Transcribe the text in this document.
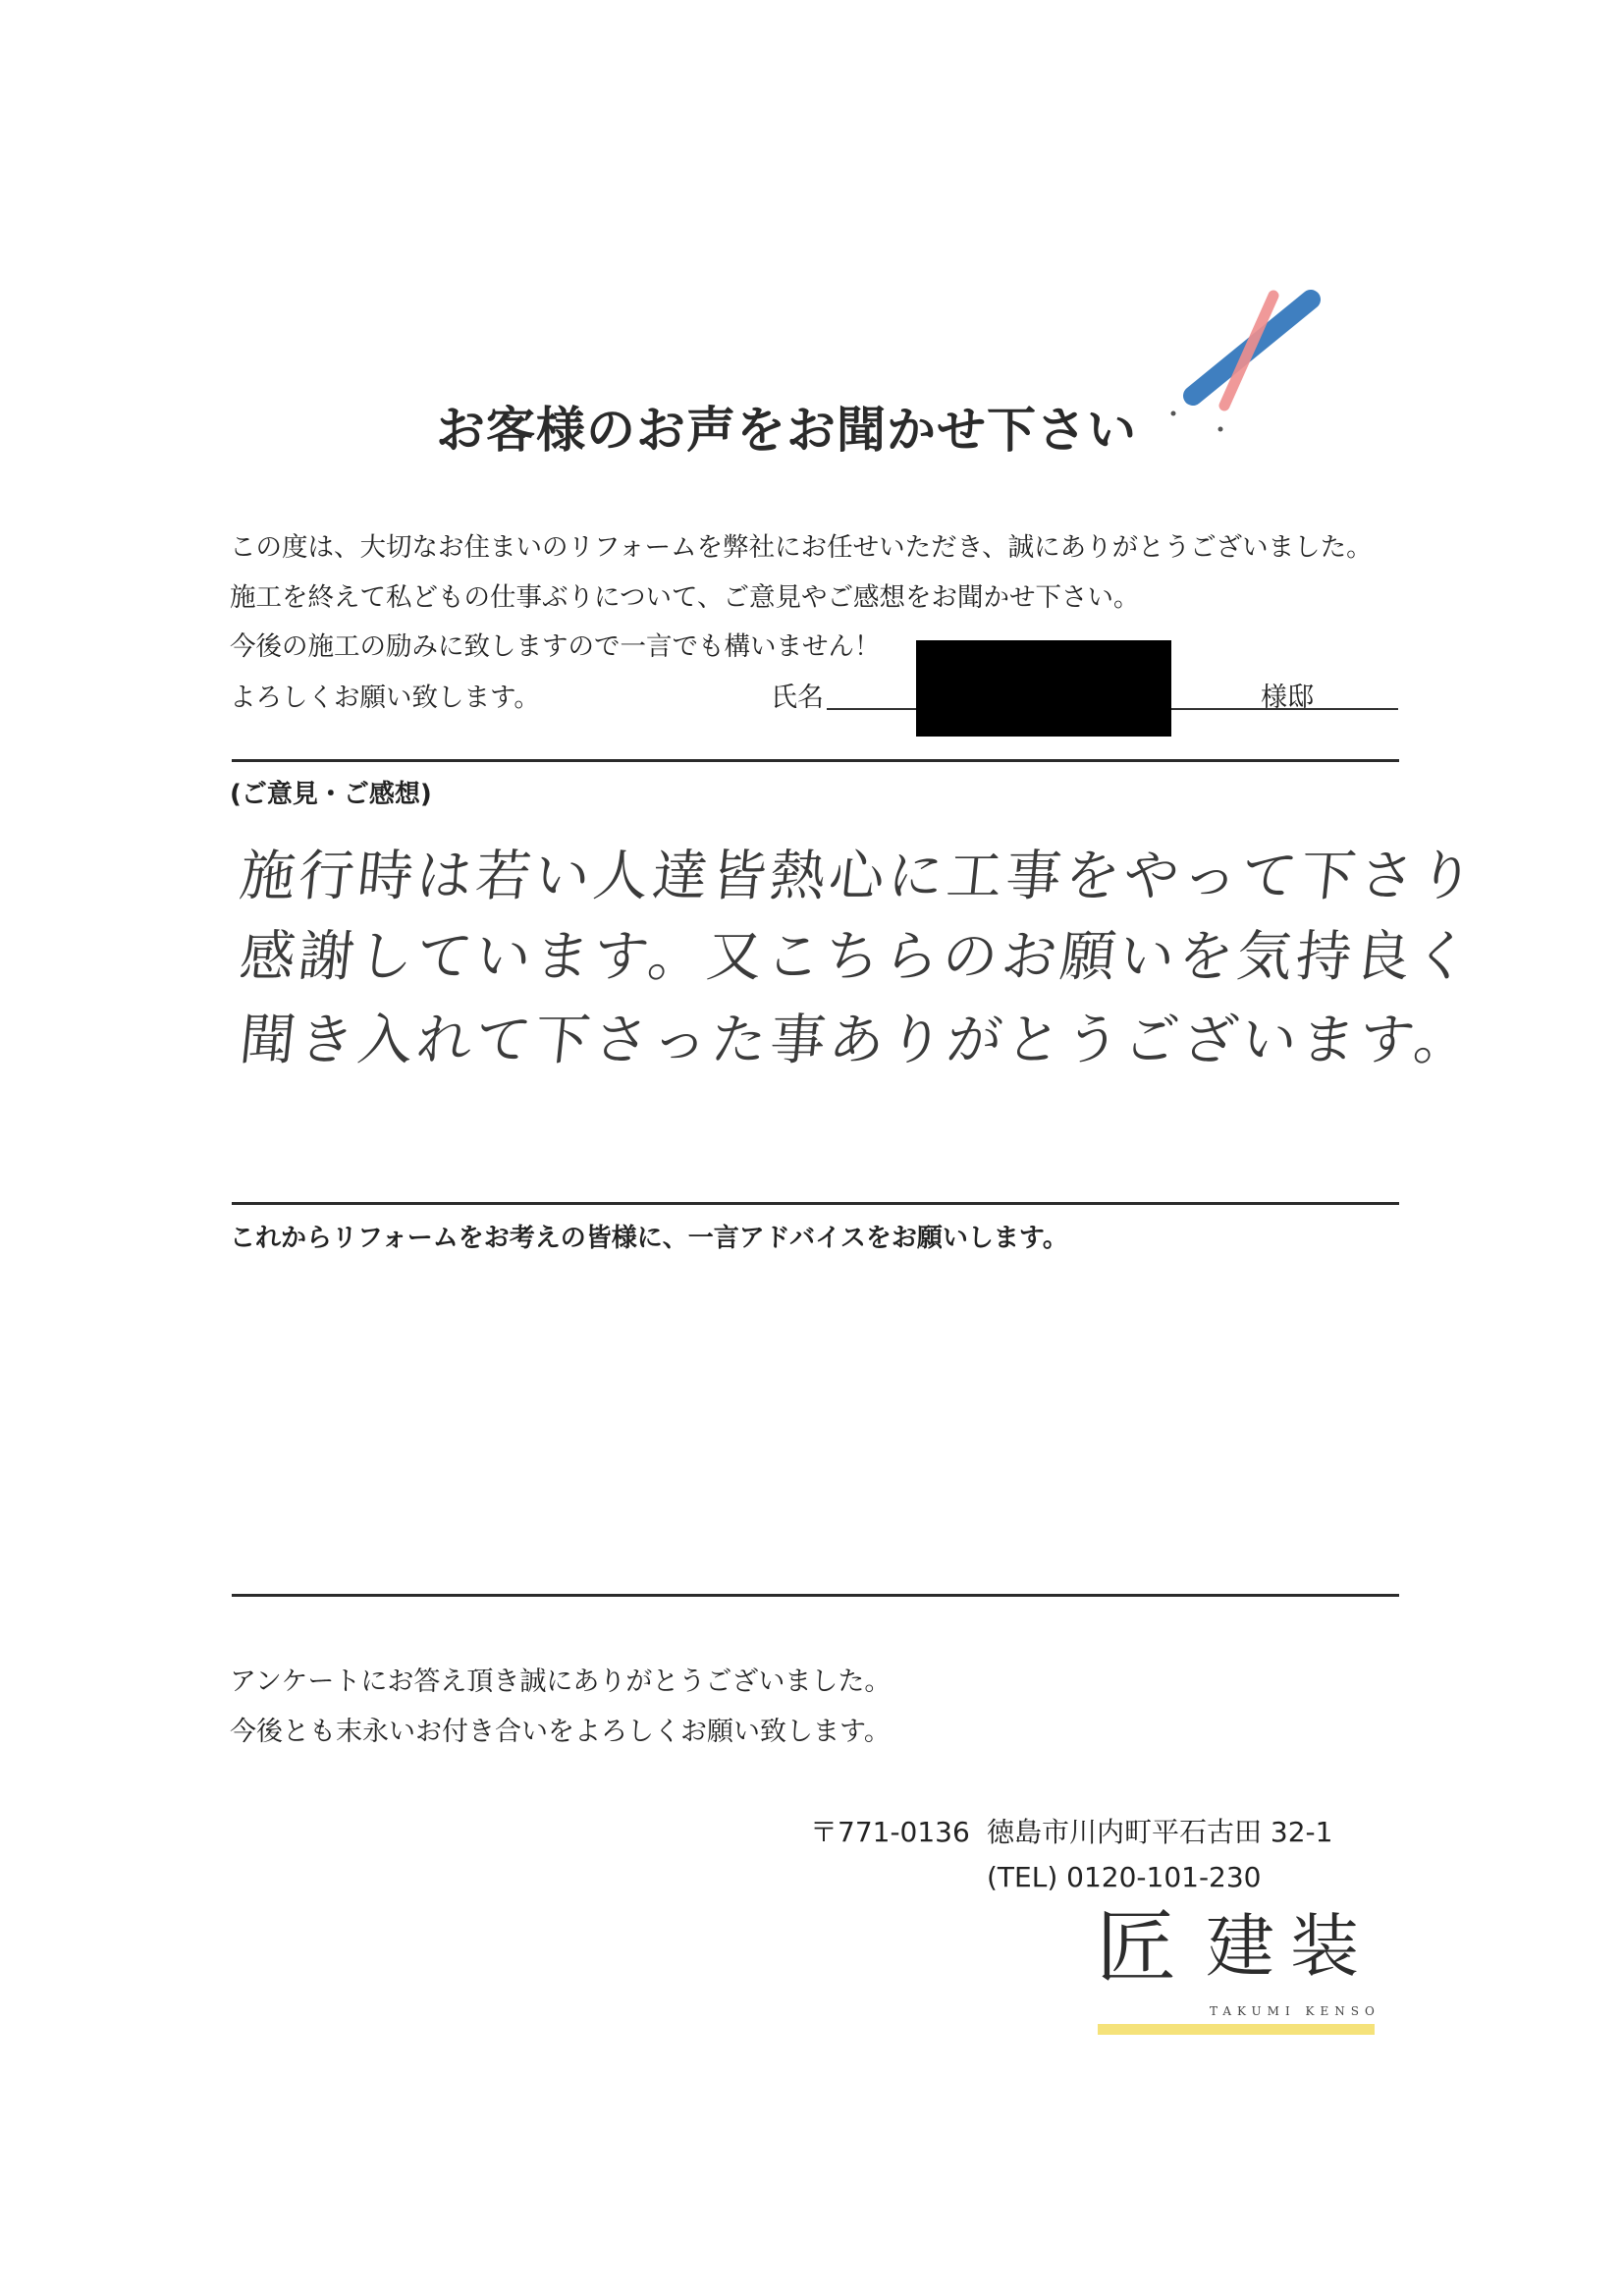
お客様のお声をお聞かせ下さい
この度は、大切なお住まいのリフォームを弊社にお任せいただき、誠にありがとうございました。
施工を終えて私どもの仕事ぶりについて、ご意見やご感想をお聞かせ下さい。
今後の施工の励みに致しますので一言でも構いません！
よろしくお願い致します。	氏名	様邸
(ご意見・ご感想)
施行時は若い人達皆熱心に工事をやって下さり
感謝しています。又こちらのお願いを気持良く
聞き入れて下さった事ありがとうございます。
これからリフォームをお考えの皆様に、一言アドバイスをお願いします。
アンケートにお答え頂き誠にありがとうございました。
今後とも末永いお付き合いをよろしくお願い致します。
〒771-0136 徳島市川内町平石古田 32-1
(TEL) 0120-101-230
匠 建 装
TAKUMI KENSO
